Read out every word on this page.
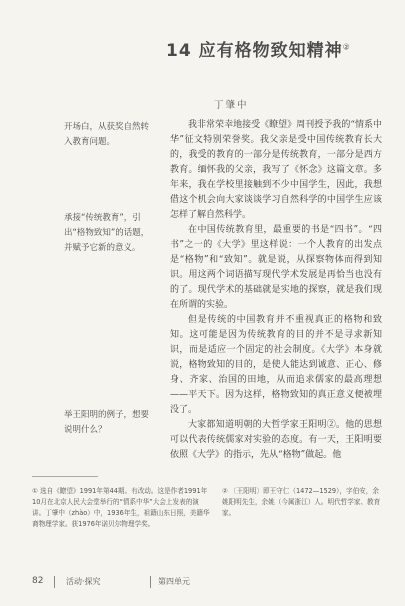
14 应有格物致知精神②
丁肇中
开场白，从获奖自然转入教育问题。
承接“传统教育”，引出“格物致知”的话题，并赋予它新的意义。
举王阳明的例子，想要说明什么？

我非常荣幸地接受《瞭望》周刊授予我的“情系中华”征文特别荣誉奖。我父亲是受中国传统教育长大的，我受的教育的一部分是传统教育，一部分是西方教育。缅怀我的父亲，我写了《怀念》这篇文章。多年来，我在学校里接触到不少中国学生，因此，我想借这个机会向大家谈谈学习自然科学的中国学生应该怎样了解自然科学。

在中国传统教育里，最重要的书是“四书”。“四书”之一的《大学》里这样说：一个人教育的出发点是“格物”和“致知”。就是说，从探察物体而得到知识。用这两个词语描写现代学术发展是再恰当也没有的了。现代学术的基础就是实地的探察，就是我们现在所谓的实验。

但是传统的中国教育并不重视真正的格物和致知。这可能是因为传统教育的目的并不是寻求新知识，而是适应一个固定的社会制度。《大学》本身就说，格物致知的目的，是使人能达到诚意、正心、修身、齐家、治国的田地，从而追求儒家的最高理想——平天下。因为这样，格物致知的真正意义便被埋没了。

大家都知道明朝的大哲学家王阳明②。他的思想可以代表传统儒家对实验的态度。有一天，王阳明要依照《大学》的指示，先从“格物”做起。他

① 选自《瞭望》1991年第44期。有改动。这是作者1991年10月在北京人民大会堂举行的“情系中华”大会上发表的演讲。丁肇中（zhào）中，1936年生，祖籍山东日照，美籍华裔物理学家。获1976年诺贝尔物理学奖。
② 〔王阳明〕即王守仁（1472—1529），字伯安，余姚阳明先生，余姚（今属浙江）人。明代哲学家、教育家。
82	活动·探究	第四单元
